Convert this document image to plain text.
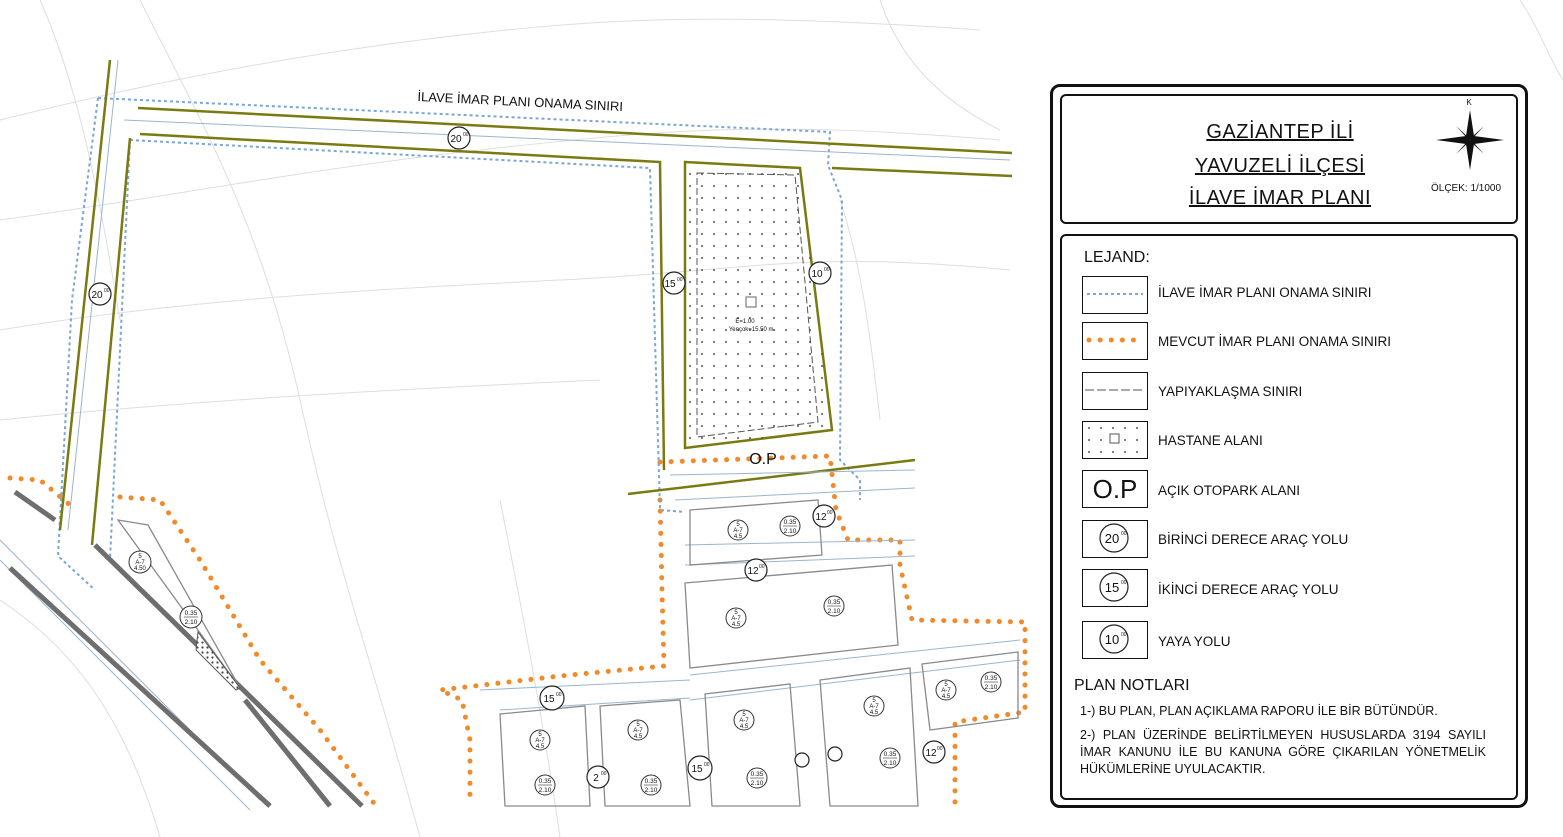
E=1.00
Yençok=15.50 m.
O.P
İLAVE İMAR PLANI ONAMA SINIRI
20
20
15
10
12
12
15
15
12
2
00
00
00
00
00
00
00
00
00
00
5
A-7
4.5
5
A-7
4.5
5
A-7
4.50
5
A-7
4.5
5
A-7
4.5
5
A-7
4.5
5
A-7
4.5
5
A-7
4.5
0.35
2.10
0.35
2.10
0.35
2.10
0.35
2.10
0.35
2.10
0.35
2.10
0.35
2.10
0.35
2.10
GAZİANTEP İLİ
YAVUZELİ İLÇESİ
İLAVE İMAR PLANI
K
ÖLÇEK: 1/1000
LEJAND:
O.P
20 00
15 00
10 00
İLAVE İMAR PLANI ONAMA SINIRI
MEVCUT İMAR PLANI ONAMA SINIRI
YAPIYAKLAŞMA SINIRI
HASTANE ALANI
AÇIK OTOPARK ALANI
BİRİNCİ DERECE ARAÇ YOLU
İKİNCİ DERECE ARAÇ YOLU
YAYA YOLU
PLAN NOTLARI
1-) BU PLAN, PLAN AÇIKLAMA RAPORU İLE BİR BÜTÜNDÜR.
2-) PLAN ÜZERİNDE BELİRTİLMEYEN HUSUSLARDA 3194 SAYILI İMAR KANUNU İLE BU KANUNA GÖRE ÇIKARILAN YÖNETMELİK HÜKÜMLERİNE UYULACAKTIR.
